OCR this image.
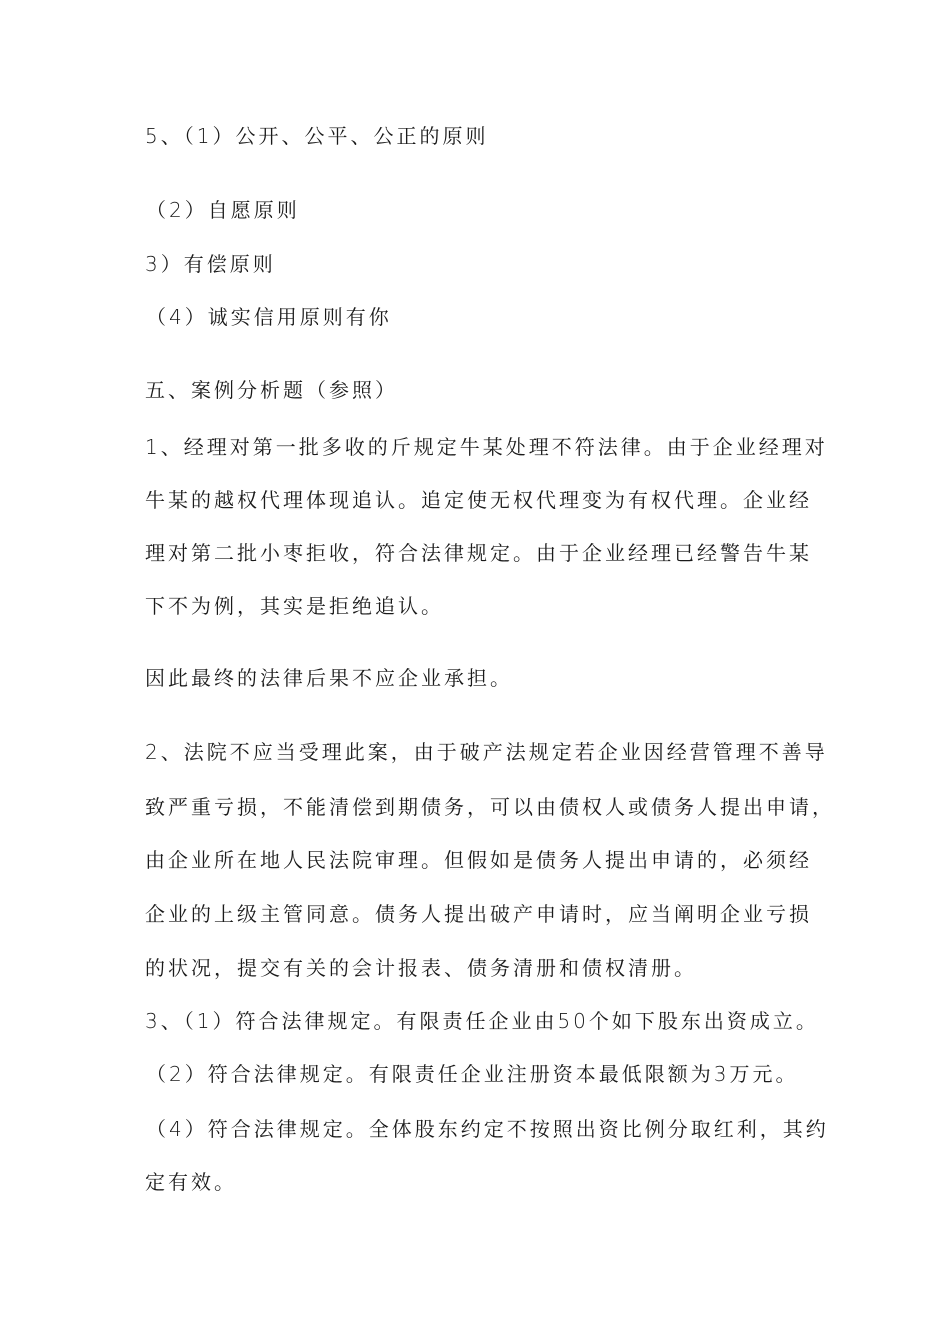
5、（1）公开、公平、公正的原则
（2）自愿原则
3）有偿原则
（4）诚实信用原则有你
五、案例分析题（参照）
1、经理对第一批多收的斤规定牛某处理不符法律。由于企业经理对
牛某的越权代理体现追认。追定使无权代理变为有权代理。企业经
理对第二批小枣拒收，符合法律规定。由于企业经理已经警告牛某
下不为例，其实是拒绝追认。
因此最终的法律后果不应企业承担。
2、法院不应当受理此案，由于破产法规定若企业因经营管理不善导
致严重亏损，不能清偿到期债务，可以由债权人或债务人提出申请，
由企业所在地人民法院审理。但假如是债务人提出申请的，必须经
企业的上级主管同意。债务人提出破产申请时，应当阐明企业亏损
的状况，提交有关的会计报表、债务清册和债权清册。
3、（1）符合法律规定。有限责任企业由50个如下股东出资成立。
（2）符合法律规定。有限责任企业注册资本最低限额为3万元。
（4）符合法律规定。全体股东约定不按照出资比例分取红利，其约
定有效。
